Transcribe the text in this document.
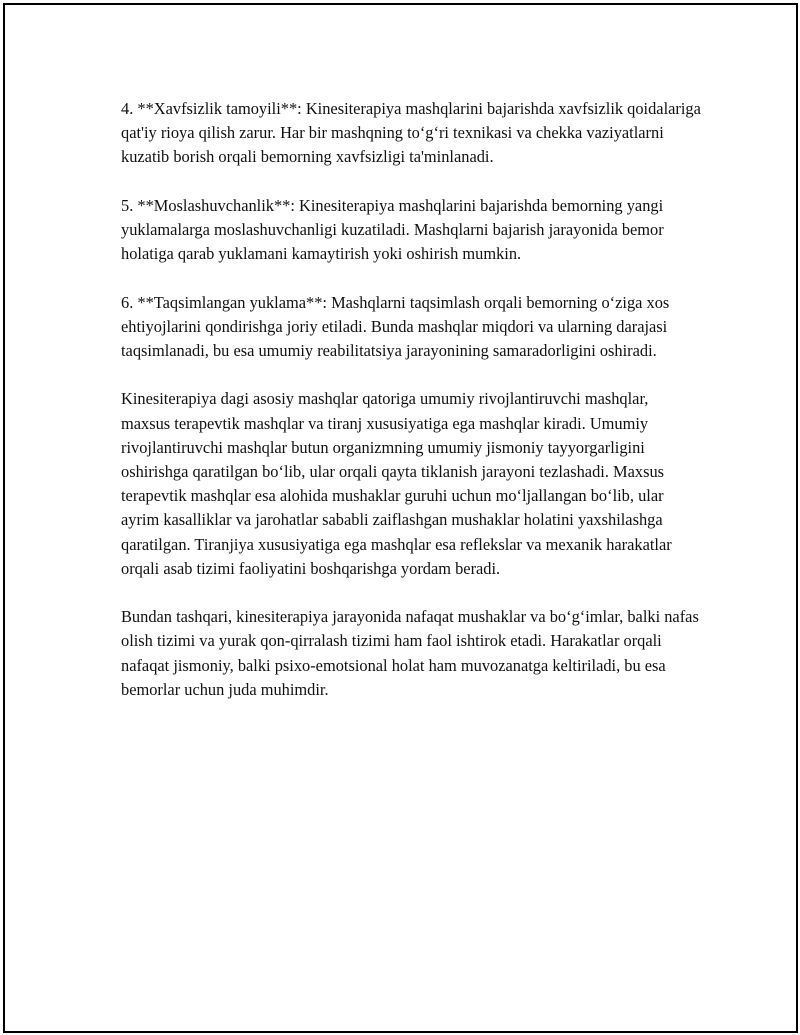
4. **Xavfsizlik tamoyili**: Kinesiterapiya mashqlarini bajarishda xavfsizlik qoidalariga qat'iy rioya qilish zarur. Har bir mashqning to‘g‘ri texnikasi va chekka vaziyatlarni kuzatib borish orqali bemorning xavfsizligi ta'minlanadi.

5. **Moslashuvchanlik**: Kinesiterapiya mashqlarini bajarishda bemorning yangi yuklamalarga moslashuvchanligi kuzatiladi. Mashqlarni bajarish jarayonida bemor holatiga qarab yuklamani kamaytirish yoki oshirish mumkin.

6. **Taqsimlangan yuklama**: Mashqlarni taqsimlash orqali bemorning o‘ziga xos ehtiyojlarini qondirishga joriy etiladi. Bunda mashqlar miqdori va ularning darajasi taqsimlanadi, bu esa umumiy reabilitatsiya jarayonining samaradorligini oshiradi.

Kinesiterapiya dagi asosiy mashqlar qatoriga umumiy rivojlantiruvchi mashqlar, maxsus terapevtik mashqlar va tiranj xususiyatiga ega mashqlar kiradi. Umumiy rivojlantiruvchi mashqlar butun organizmning umumiy jismoniy tayyorgarligini oshirishga qaratilgan bo‘lib, ular orqali qayta tiklanish jarayoni tezlashadi. Maxsus terapevtik mashqlar esa alohida mushaklar guruhi uchun mo‘ljallangan bo‘lib, ular ayrim kasalliklar va jarohatlar sababli zaiflashgan mushaklar holatini yaxshilashga qaratilgan. Tiranjiya xususiyatiga ega mashqlar esa reflekslar va mexanik harakatlar orqali asab tizimi faoliyatini boshqarishga yordam beradi.

Bundan tashqari, kinesiterapiya jarayonida nafaqat mushaklar va bo‘g‘imlar, balki nafas olish tizimi va yurak qon-qirralash tizimi ham faol ishtirok etadi. Harakatlar orqali nafaqat jismoniy, balki psixo-emotsional holat ham muvozanatga keltiriladi, bu esa bemorlar uchun juda muhimdir.
